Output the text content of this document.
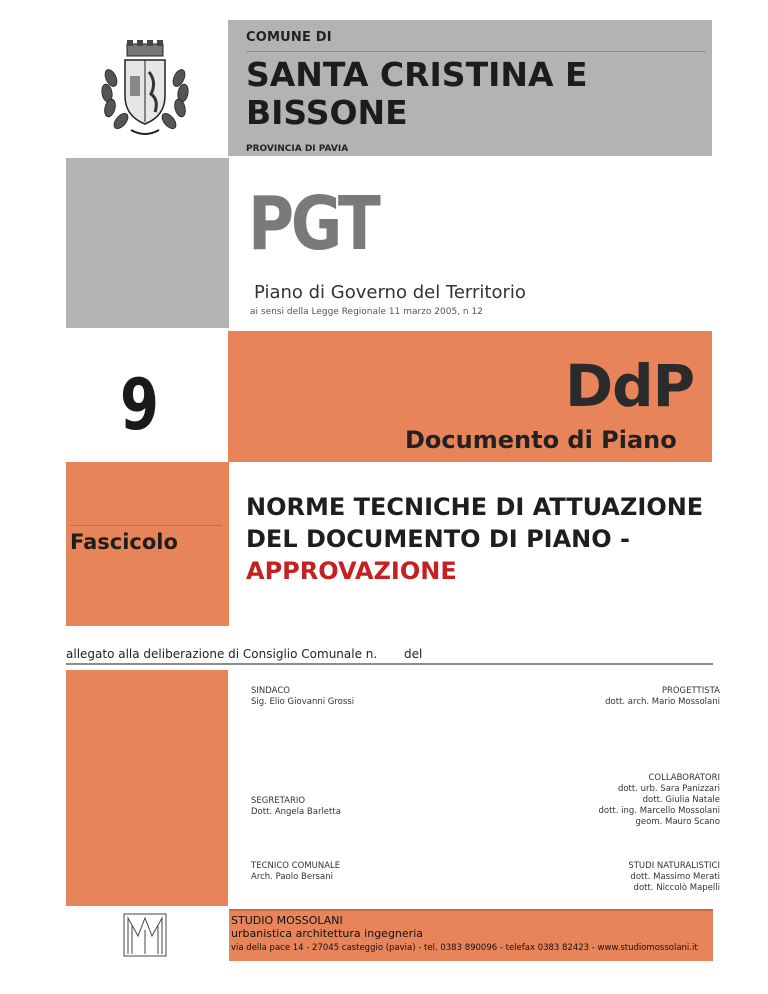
COMUNE DI
SANTA CRISTINA E BISSONE
PROVINCIA DI PAVIA
PGT
Piano di Governo del Territorio
ai sensi della Legge Regionale 11 marzo 2005, n 12
9	DdP
Documento di Piano
Fascicolo
NORME TECNICHE DI ATTUAZIONE DEL DOCUMENTO DI PIANO - APPROVAZIONE
allegato alla deliberazione di Consiglio Comunale n. del
SINDACO
Sig. Elio Giovanni Grossi
SEGRETARIO
Dott. Angela Barletta
TECNICO COMUNALE
Arch. Paolo Bersani
PROGETTISTA
dott. arch. Mario Mossolani
COLLABORATORI
dott. urb. Sara Panizzari
dott. Giulia Natale
dott. ing. Marcello Mossolani
geom. Mauro Scano
STUDI NATURALISTICI
dott. Massimo Merati
dott. Niccolò Mapelli
STUDIO MOSSOLANI
urbanistica architettura ingegneria
via della pace 14 - 27045 casteggio (pavia) - tel. 0383 890096 - telefax 0383 82423 - www.studiomossolani.it
